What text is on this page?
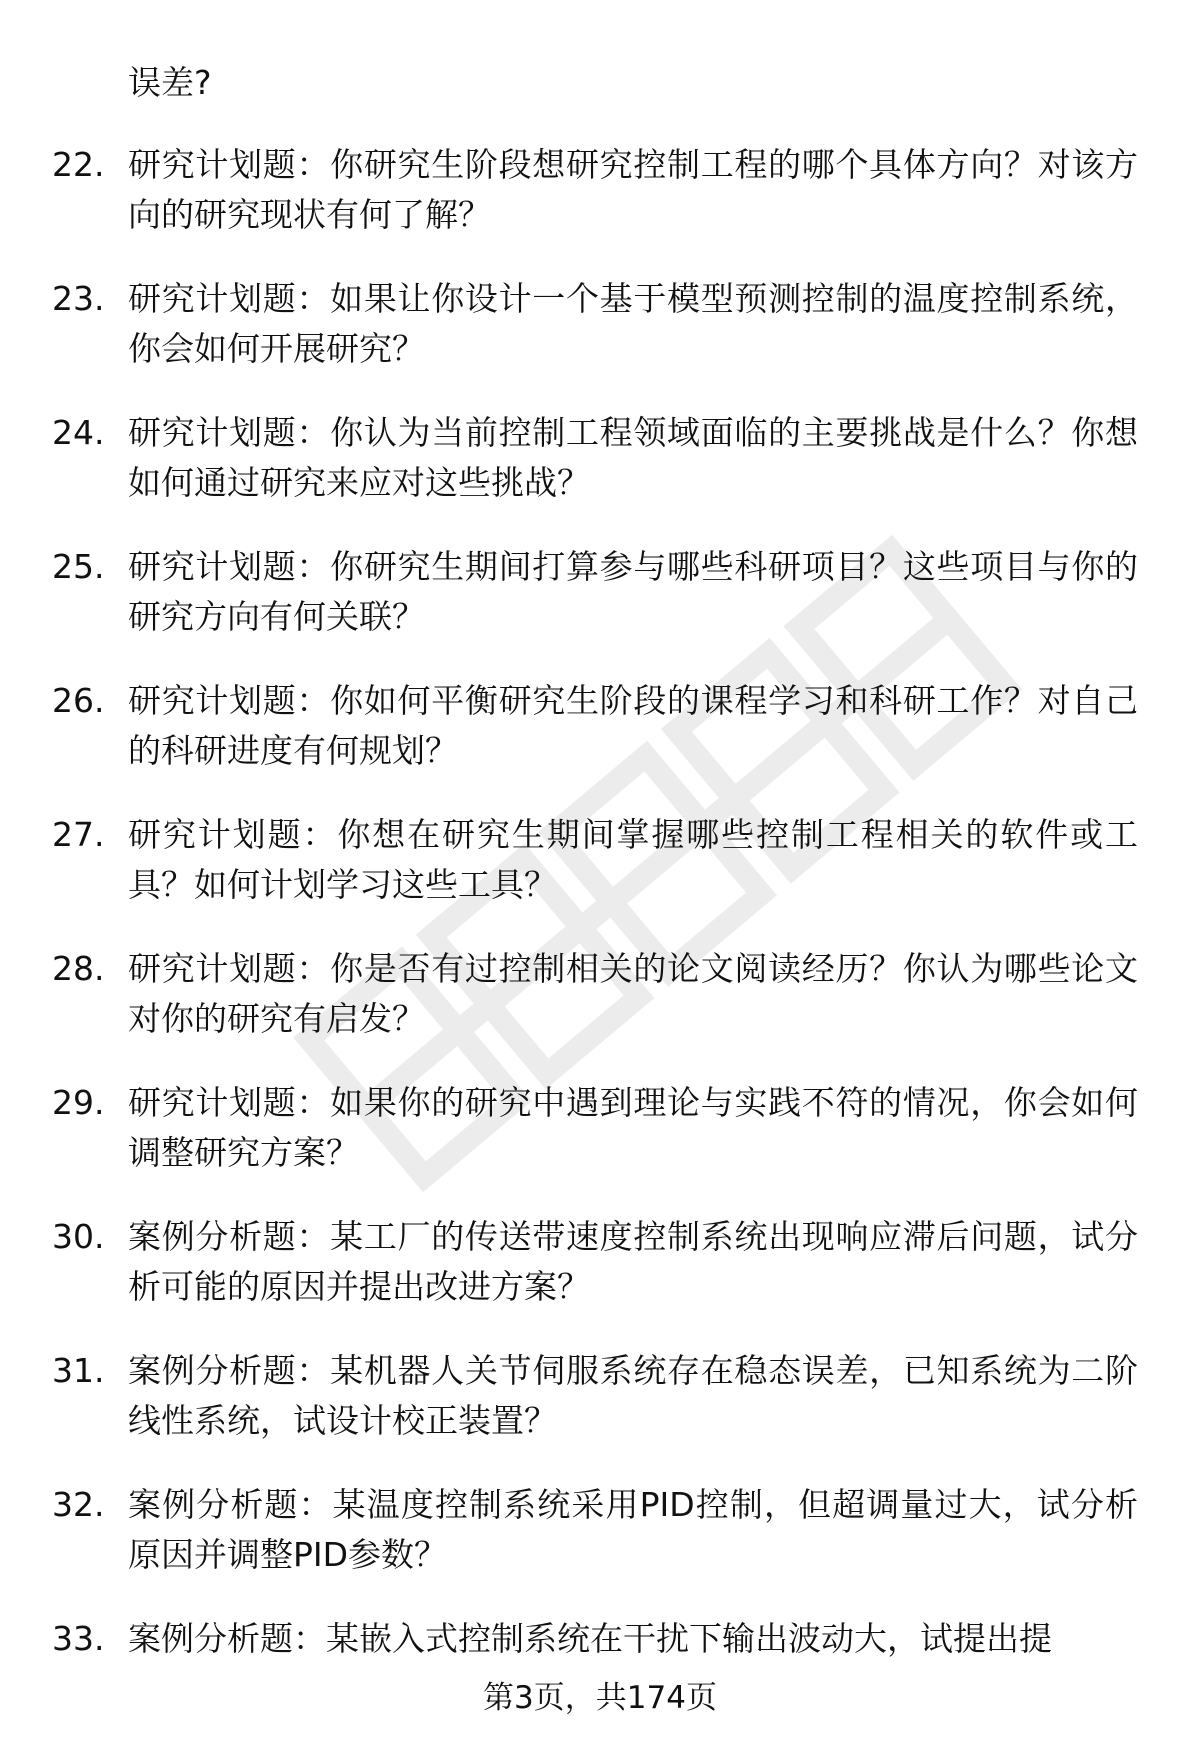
误差?

22. 研究计划题：你研究生阶段想研究控制工程的哪个具体方向？对该方向的研究现状有何了解？

23. 研究计划题：如果让你设计一个基于模型预测控制的温度控制系统，你会如何开展研究？

24. 研究计划题：你认为当前控制工程领域面临的主要挑战是什么？你想如何通过研究来应对这些挑战？

25. 研究计划题：你研究生期间打算参与哪些科研项目？这些项目与你的研究方向有何关联？

26. 研究计划题：你如何平衡研究生阶段的课程学习和科研工作？对自己的科研进度有何规划？

27. 研究计划题：你想在研究生期间掌握哪些控制工程相关的软件或工具？如何计划学习这些工具？

28. 研究计划题：你是否有过控制相关的论文阅读经历？你认为哪些论文对你的研究有启发？

29. 研究计划题：如果你的研究中遇到理论与实践不符的情况，你会如何调整研究方案？

30. 案例分析题：某工厂的传送带速度控制系统出现响应滞后问题，试分析可能的原因并提出改进方案？

31. 案例分析题：某机器人关节伺服系统存在稳态误差，已知系统为二阶线性系统，试设计校正装置？

32. 案例分析题：某温度控制系统采用PID控制，但超调量过大，试分析原因并调整PID参数？

33. 案例分析题：某嵌入式控制系统在干扰下输出波动大，试提出提

第3页，共174页
